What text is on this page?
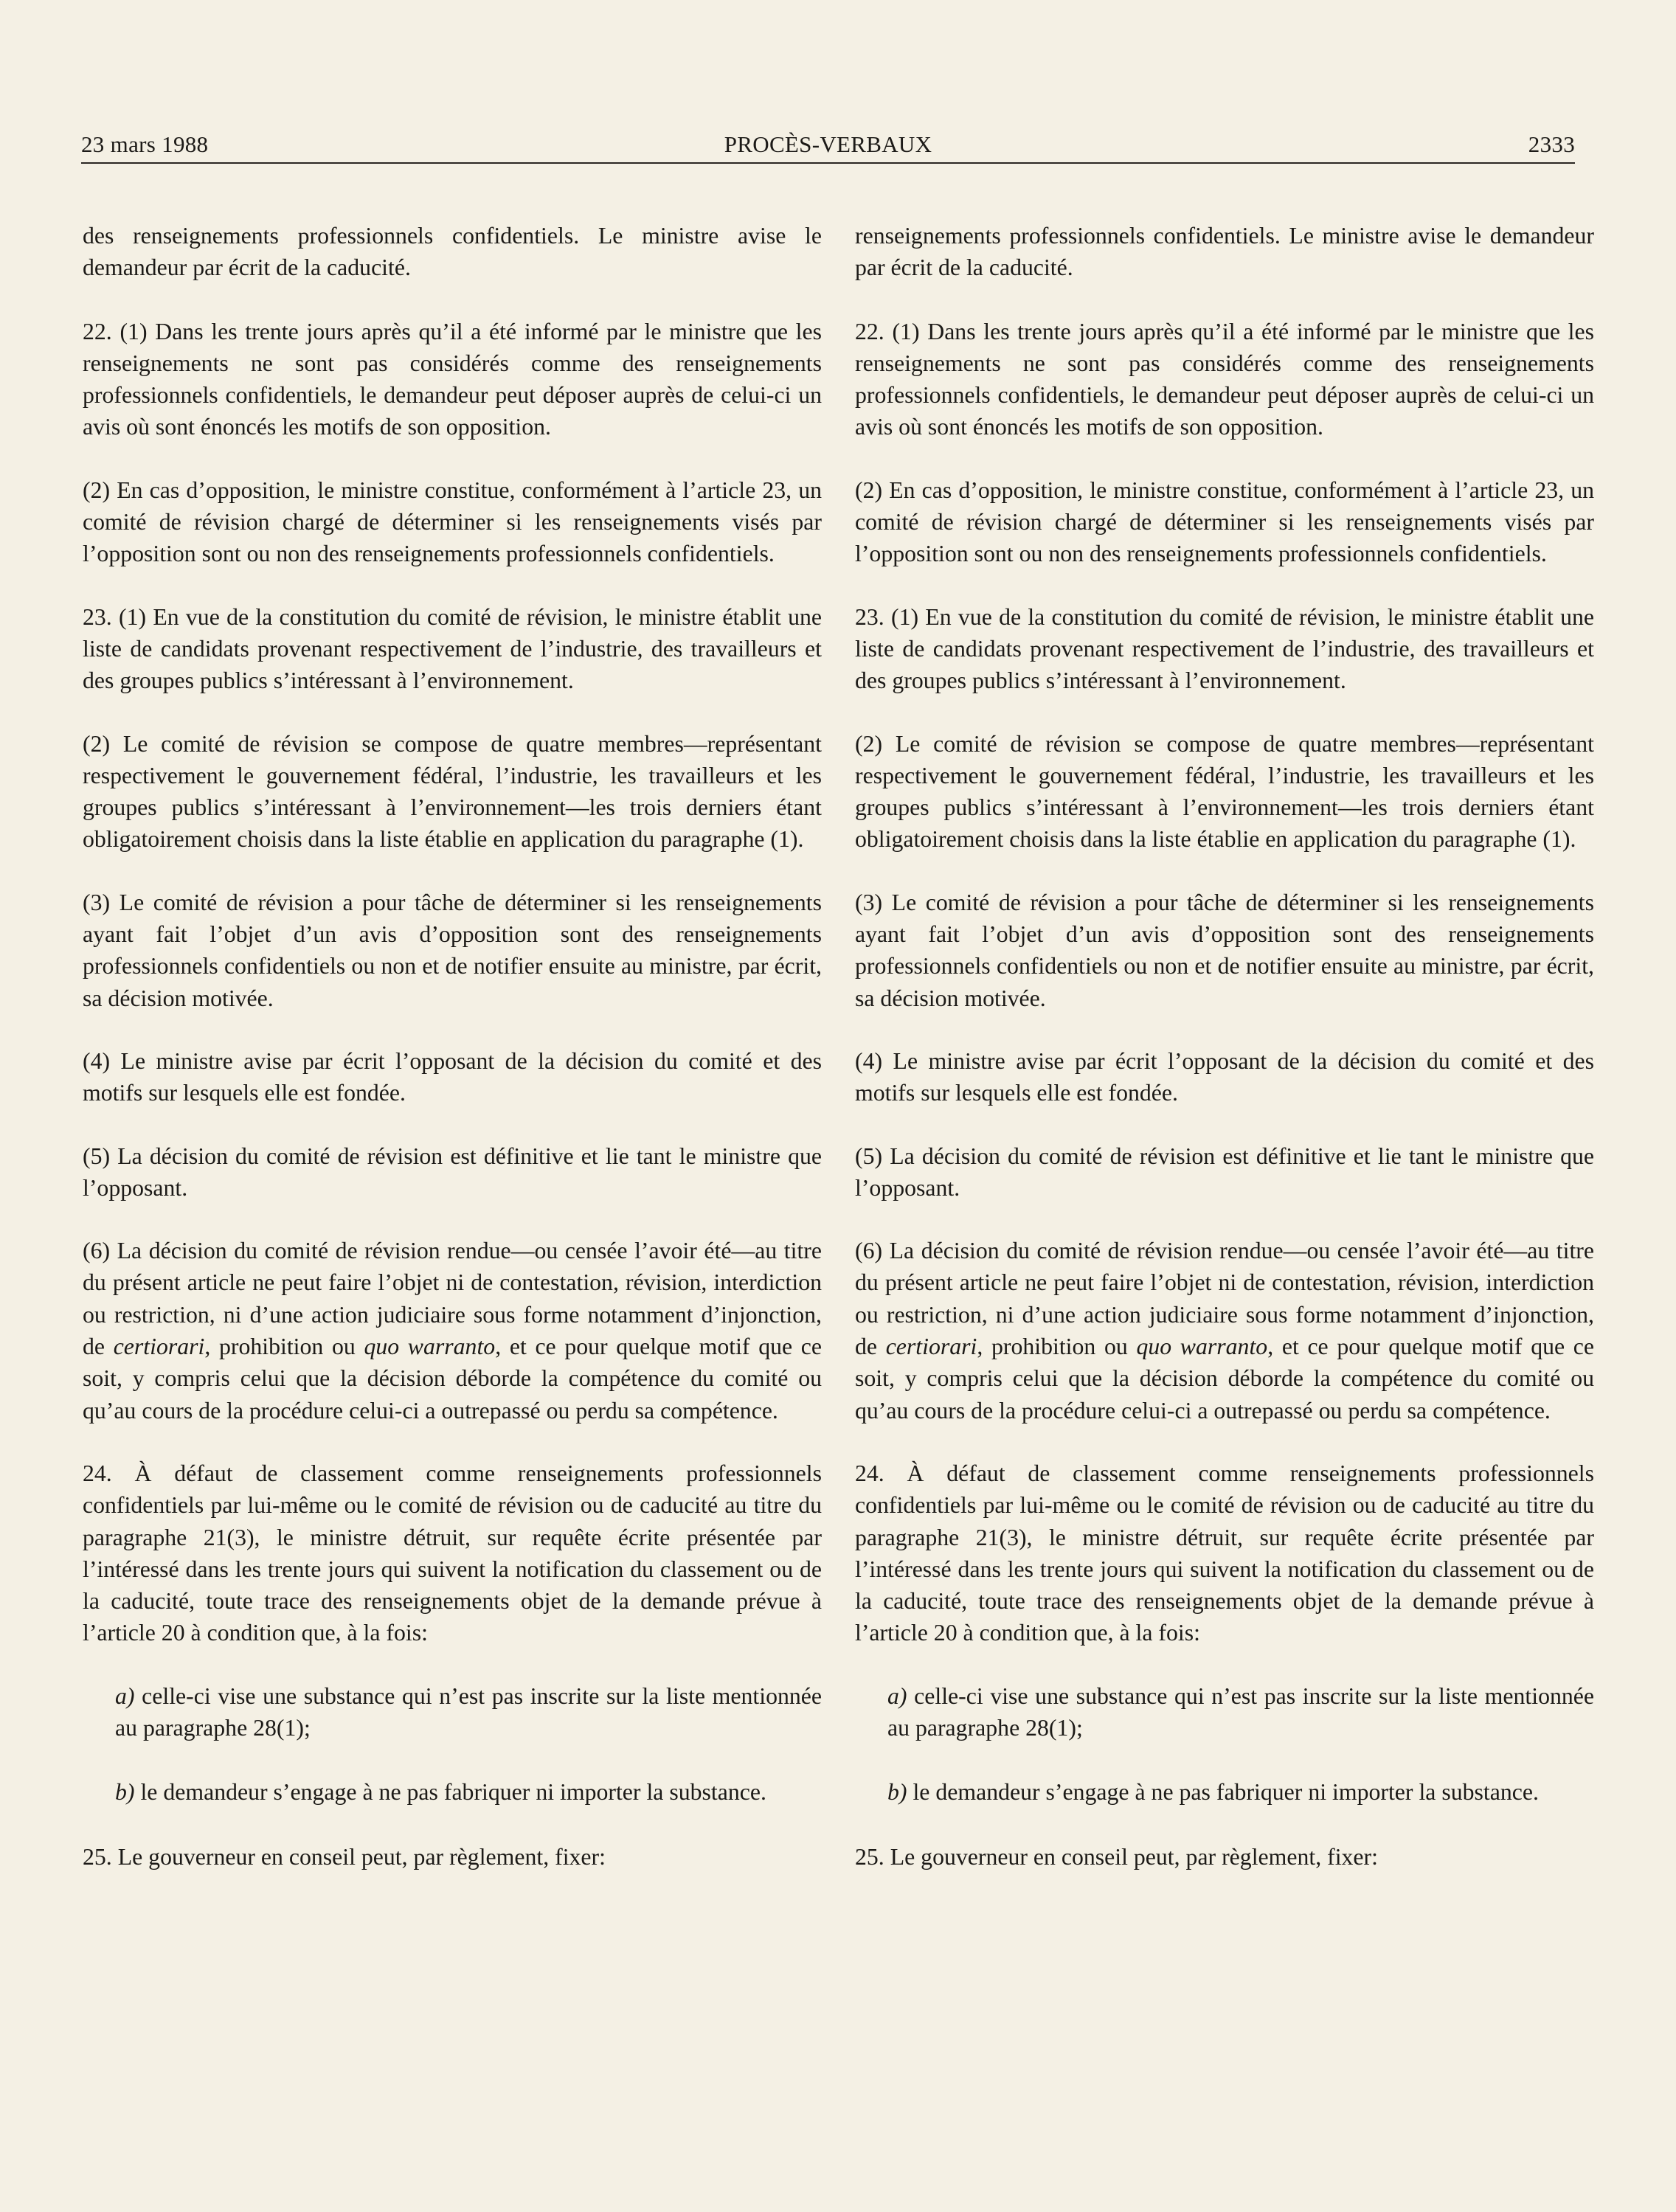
23 mars 1988	PROCÈS-VERBAUX	2333

des renseignements professionnels confidentiels. Le ministre avise le demandeur par écrit de la caducité.

22. (1) Dans les trente jours après qu’il a été informé par le ministre que les renseignements ne sont pas considérés comme des renseignements professionnels confidentiels, le demandeur peut déposer auprès de celui-ci un avis où sont énoncés les motifs de son opposition.

(2) En cas d’opposition, le ministre constitue, conformément à l’article 23, un comité de révision chargé de déterminer si les renseignements visés par l’opposition sont ou non des renseignements professionnels confidentiels.

23. (1) En vue de la constitution du comité de révision, le ministre établit une liste de candidats provenant respectivement de l’industrie, des travailleurs et des groupes publics s’intéressant à l’environnement.

(2) Le comité de révision se compose de quatre membres—représentant respectivement le gouvernement fédéral, l’industrie, les travailleurs et les groupes publics s’intéressant à l’environnement—les trois derniers étant obligatoirement choisis dans la liste établie en application du paragraphe (1).

(3) Le comité de révision a pour tâche de déterminer si les renseignements ayant fait l’objet d’un avis d’opposition sont des renseignements professionnels confidentiels ou non et de notifier ensuite au ministre, par écrit, sa décision motivée.

(4) Le ministre avise par écrit l’opposant de la décision du comité et des motifs sur lesquels elle est fondée.

(5) La décision du comité de révision est définitive et lie tant le ministre que l’opposant.

(6) La décision du comité de révision rendue—ou censée l’avoir été—au titre du présent article ne peut faire l’objet ni de contestation, révision, interdiction ou restriction, ni d’une action judiciaire sous forme notamment d’injonction, de certiorari, prohibition ou quo warranto, et ce pour quelque motif que ce soit, y compris celui que la décision déborde la compétence du comité ou qu’au cours de la procédure celui-ci a outrepassé ou perdu sa compétence.

24. À défaut de classement comme renseignements professionnels confidentiels par lui-même ou le comité de révision ou de caducité au titre du paragraphe 21(3), le ministre détruit, sur requête écrite présentée par l’intéressé dans les trente jours qui suivent la notification du classement ou de la caducité, toute trace des renseignements objet de la demande prévue à l’article 20 à condition que, à la fois:

a) celle-ci vise une substance qui n’est pas inscrite sur la liste mentionnée au paragraphe 28(1);

b) le demandeur s’engage à ne pas fabriquer ni importer la substance.

25. Le gouverneur en conseil peut, par règlement, fixer:

renseignements professionnels confidentiels. Le ministre avise le demandeur par écrit de la caducité.

22. (1) Dans les trente jours après qu’il a été informé par le ministre que les renseignements ne sont pas considérés comme des renseignements professionnels confidentiels, le demandeur peut déposer auprès de celui-ci un avis où sont énoncés les motifs de son opposition.

(2) En cas d’opposition, le ministre constitue, conformément à l’article 23, un comité de révision chargé de déterminer si les renseignements visés par l’opposition sont ou non des renseignements professionnels confidentiels.

23. (1) En vue de la constitution du comité de révision, le ministre établit une liste de candidats provenant respectivement de l’industrie, des travailleurs et des groupes publics s’intéressant à l’environnement.

(2) Le comité de révision se compose de quatre membres—représentant respectivement le gouvernement fédéral, l’industrie, les travailleurs et les groupes publics s’intéressant à l’environnement—les trois derniers étant obligatoirement choisis dans la liste établie en application du paragraphe (1).

(3) Le comité de révision a pour tâche de déterminer si les renseignements ayant fait l’objet d’un avis d’opposition sont des renseignements professionnels confidentiels ou non et de notifier ensuite au ministre, par écrit, sa décision motivée.

(4) Le ministre avise par écrit l’opposant de la décision du comité et des motifs sur lesquels elle est fondée.

(5) La décision du comité de révision est définitive et lie tant le ministre que l’opposant.

(6) La décision du comité de révision rendue—ou censée l’avoir été—au titre du présent article ne peut faire l’objet ni de contestation, révision, interdiction ou restriction, ni d’une action judiciaire sous forme notamment d’injonction, de certiorari, prohibition ou quo warranto, et ce pour quelque motif que ce soit, y compris celui que la décision déborde la compétence du comité ou qu’au cours de la procédure celui-ci a outrepassé ou perdu sa compétence.

24. À défaut de classement comme renseignements professionnels confidentiels par lui-même ou le comité de révision ou de caducité au titre du paragraphe 21(3), le ministre détruit, sur requête écrite présentée par l’intéressé dans les trente jours qui suivent la notification du classement ou de la caducité, toute trace des renseignements objet de la demande prévue à l’article 20 à condition que, à la fois:

a) celle-ci vise une substance qui n’est pas inscrite sur la liste mentionnée au paragraphe 28(1);

b) le demandeur s’engage à ne pas fabriquer ni importer la substance.

25. Le gouverneur en conseil peut, par règlement, fixer:
